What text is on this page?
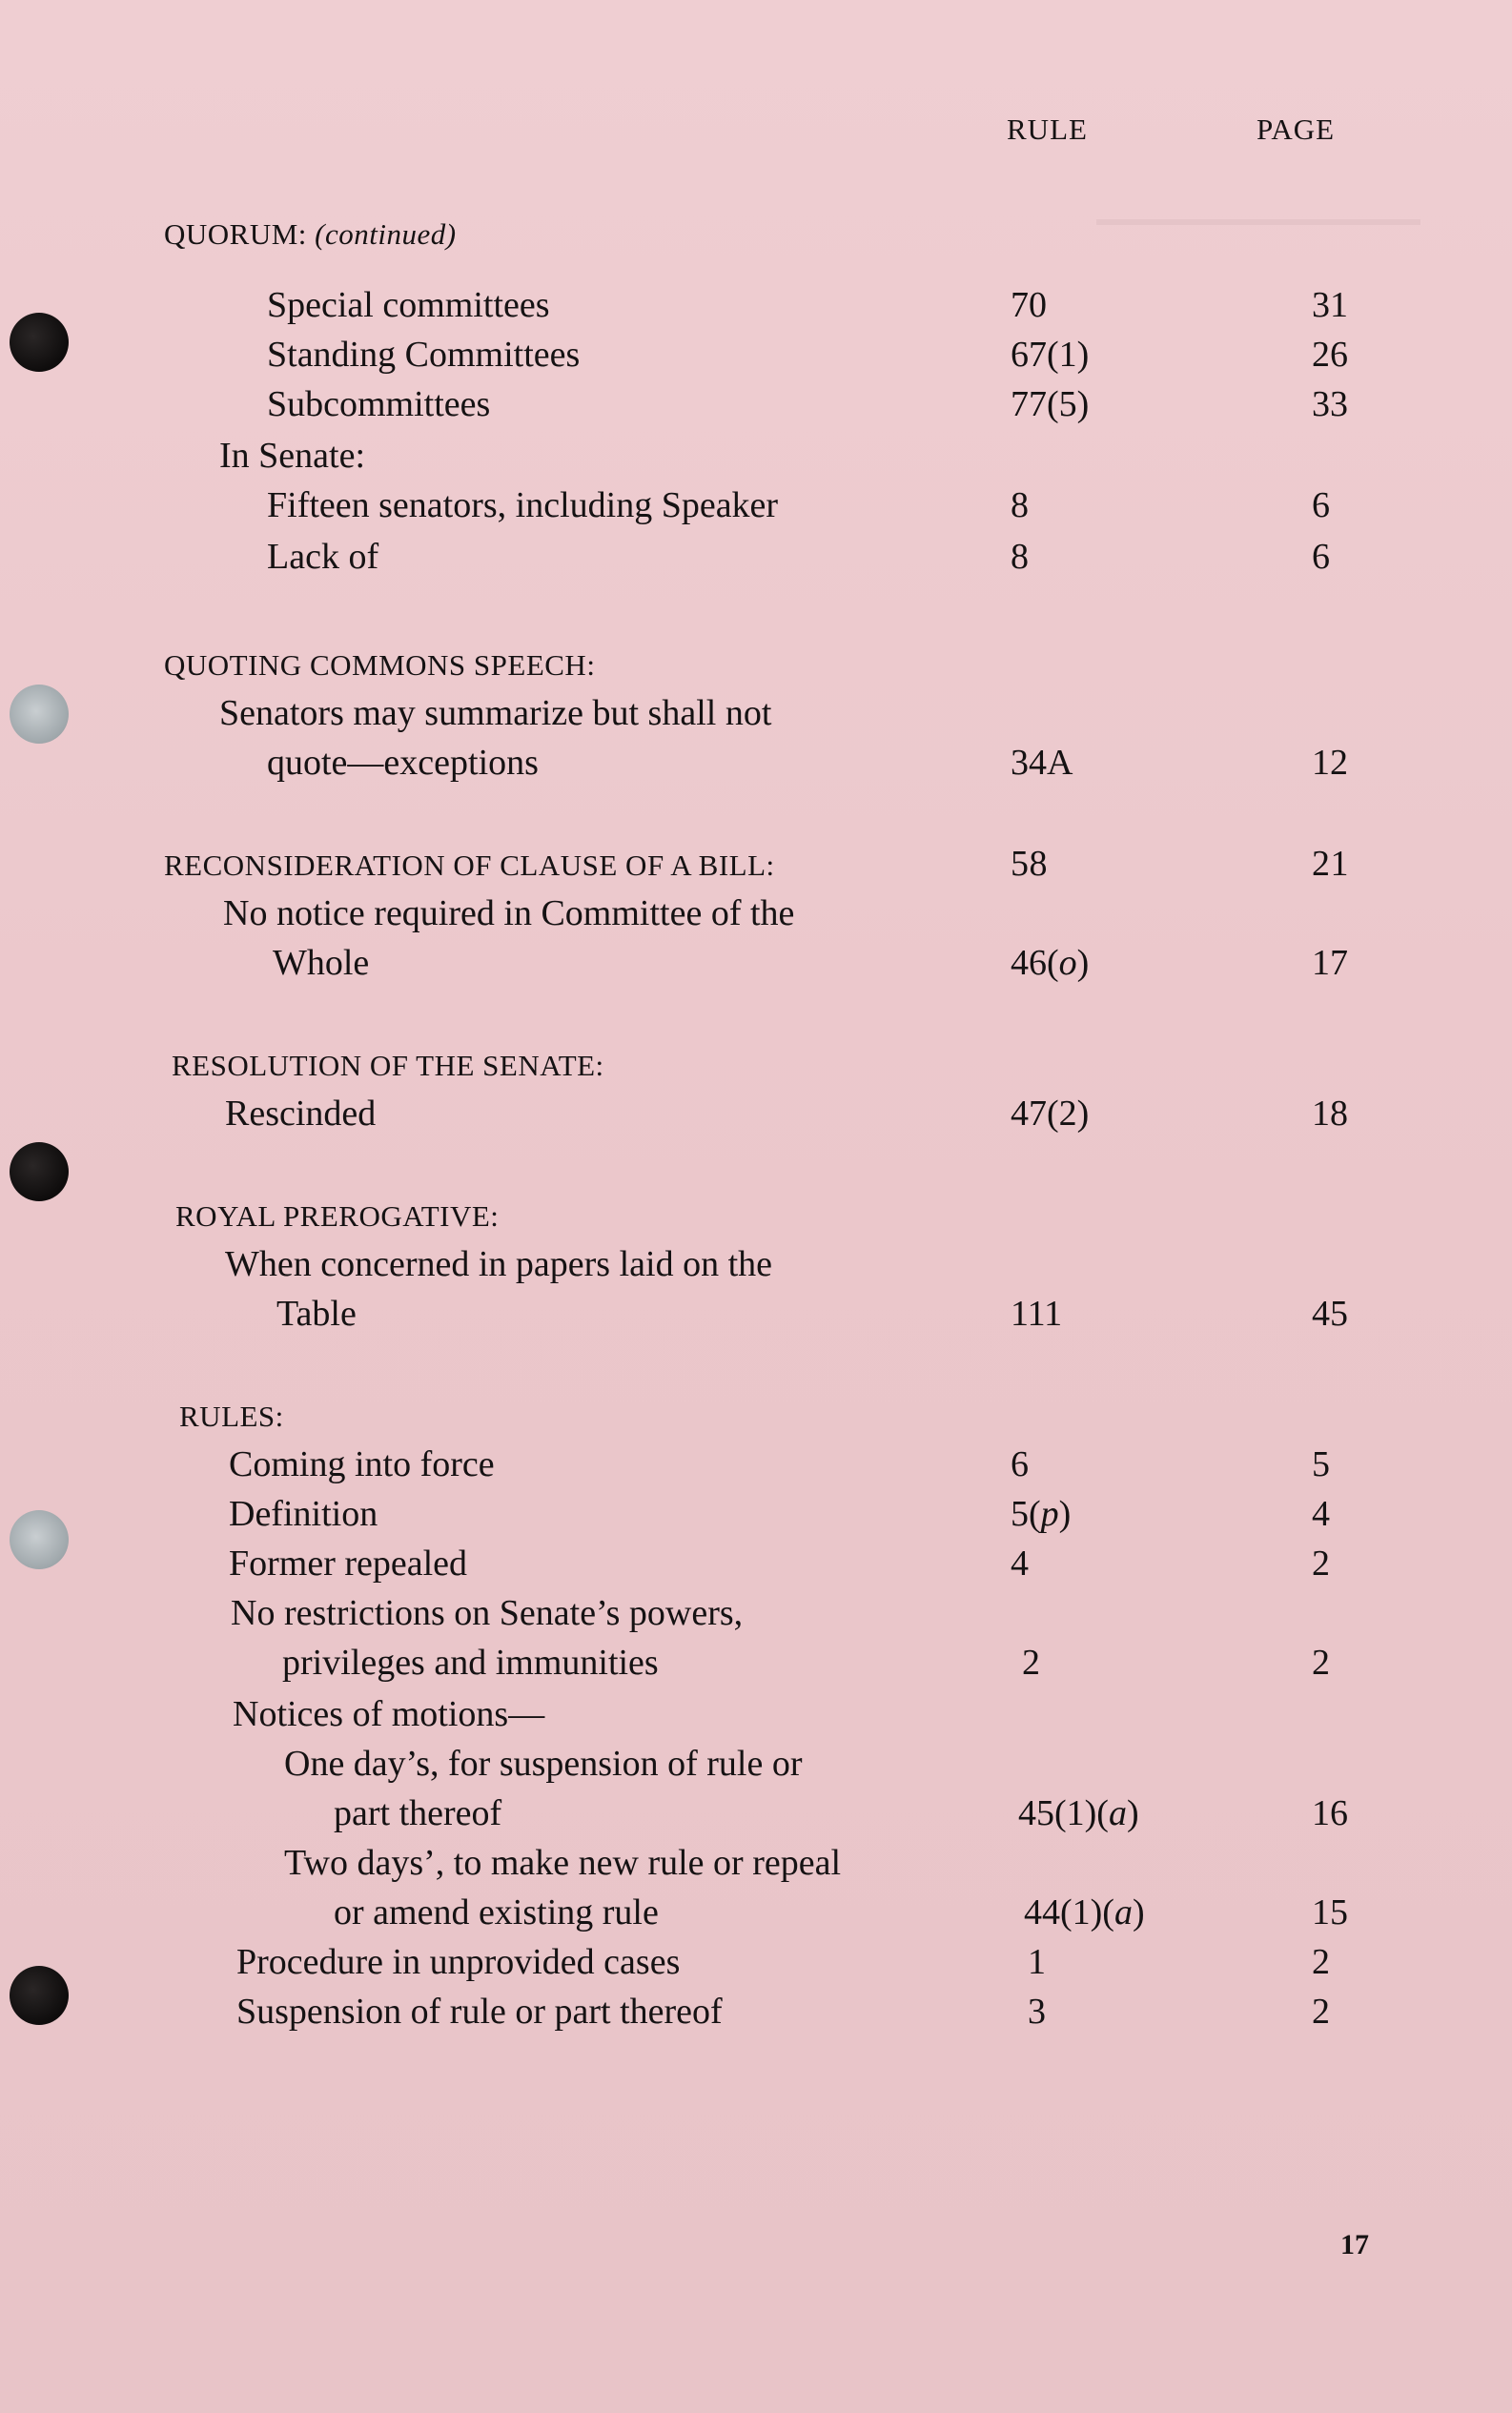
RULE	PAGE
QUORUM: (continued)
Special committees	70	31
Standing Committees	67(1)	26
Subcommittees	77(5)	33
In Senate:
Fifteen senators, including Speaker	8	6
Lack of	8	6
QUOTING COMMONS SPEECH:
Senators may summarize but shall not
quote—exceptions	34A	12
RECONSIDERATION OF CLAUSE OF A BILL:	58	21
No notice required in Committee of the
Whole	46(o)	17
RESOLUTION OF THE SENATE:
Rescinded	47(2)	18
ROYAL PREROGATIVE:
When concerned in papers laid on the
Table	111	45
RULES:
Coming into force	6	5
Definition	5(p)	4
Former repealed	4	2
No restrictions on Senate’s powers,
privileges and immunities	2	2
Notices of motions—
One day’s, for suspension of rule or
part thereof	45(1)(a)	16
Two days’, to make new rule or repeal
or amend existing rule	44(1)(a)	15
Procedure in unprovided cases	1	2
Suspension of rule or part thereof	3	2
17
